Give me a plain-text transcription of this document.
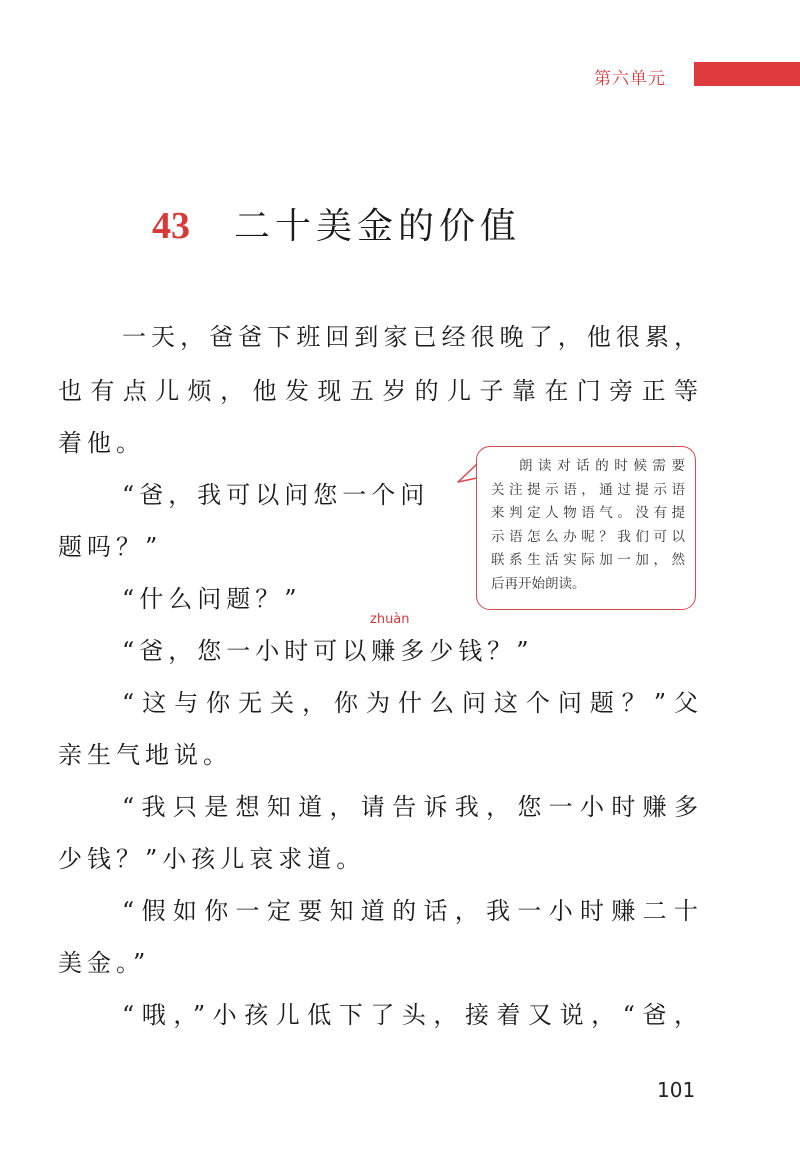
第六单元
43 二十美金的价值
一天，爸爸下班回到家已经很晚了，他很累，
也有点儿烦，他发现五岁的儿子靠在门旁正等
着他。
“爸，我可以问您一个问
题吗？”
“什么问题？”
“爸，您一小时可以赚多少钱？”
“这与你无关，你为什么问这个问题？”父
亲生气地说。
“我只是想知道，请告诉我，您一小时赚多
少钱？”小孩儿哀求道。
“假如你一定要知道的话，我一小时赚二十
美金。”
“哦，”小孩儿低下了头，接着又说，“爸，
zhuàn
朗读对话的时候需要
关注提示语，通过提示语
来判定人物语气。没有提
示语怎么办呢？我们可以
联系生活实际加一加，然
后再开始朗读。
101
